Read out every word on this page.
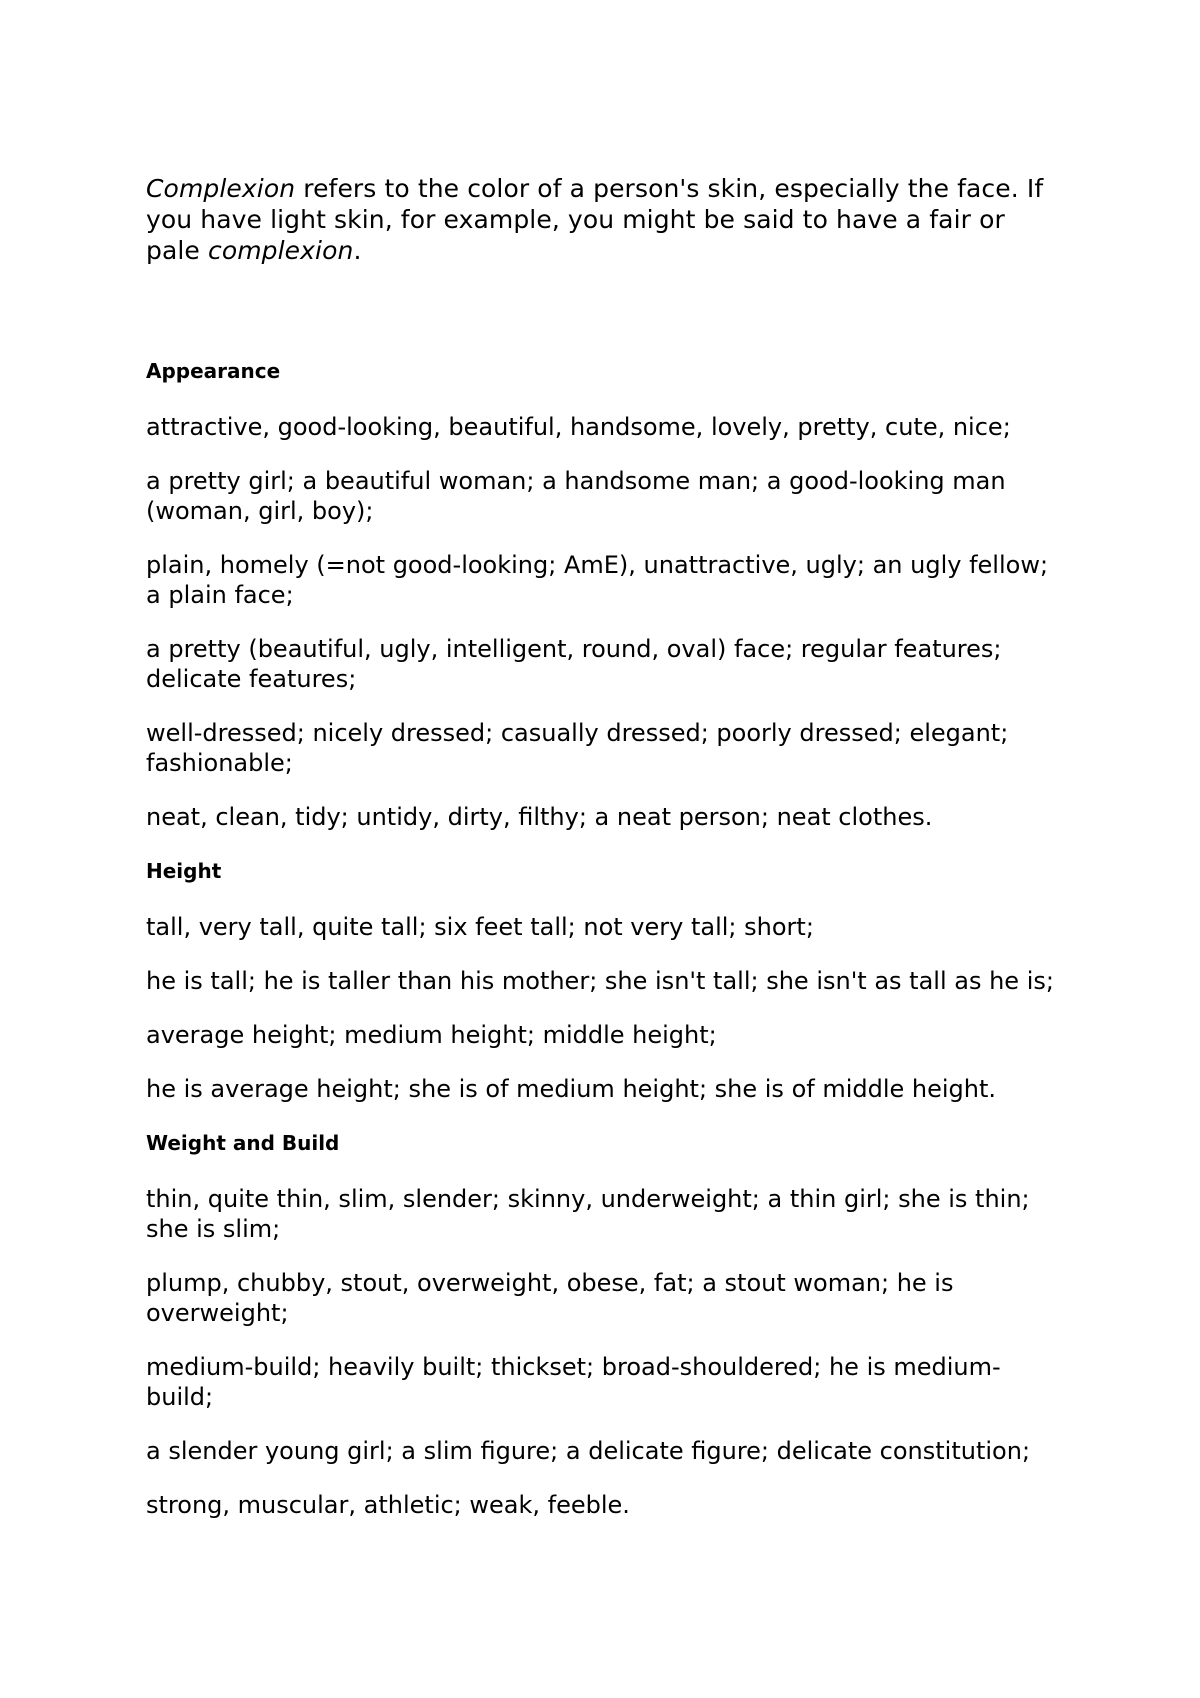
Complexion refers to the color of a person's skin, especially the face. If you have light skin, for example, you might be said to have a fair or pale complexion.

Appearance
attractive, good-looking, beautiful, handsome, lovely, pretty, cute, nice;
a pretty girl; a beautiful woman; a handsome man; a good-looking man (woman, girl, boy);
plain, homely (=not good-looking; AmE), unattractive, ugly; an ugly fellow; a plain face;
a pretty (beautiful, ugly, intelligent, round, oval) face; regular features; delicate features;
well-dressed; nicely dressed; casually dressed; poorly dressed; elegant; fashionable;
neat, clean, tidy; untidy, dirty, filthy; a neat person; neat clothes.
Height
tall, very tall, quite tall; six feet tall; not very tall; short;
he is tall; he is taller than his mother; she isn't tall; she isn't as tall as he is;
average height; medium height; middle height;
he is average height; she is of medium height; she is of middle height.
Weight and Build
thin, quite thin, slim, slender; skinny, underweight; a thin girl; she is thin; she is slim;
plump, chubby, stout, overweight, obese, fat; a stout woman; he is overweight;
medium-build; heavily built; thickset; broad-shouldered; he is medium-build;
a slender young girl; a slim figure; a delicate figure; delicate constitution;
strong, muscular, athletic; weak, feeble.
